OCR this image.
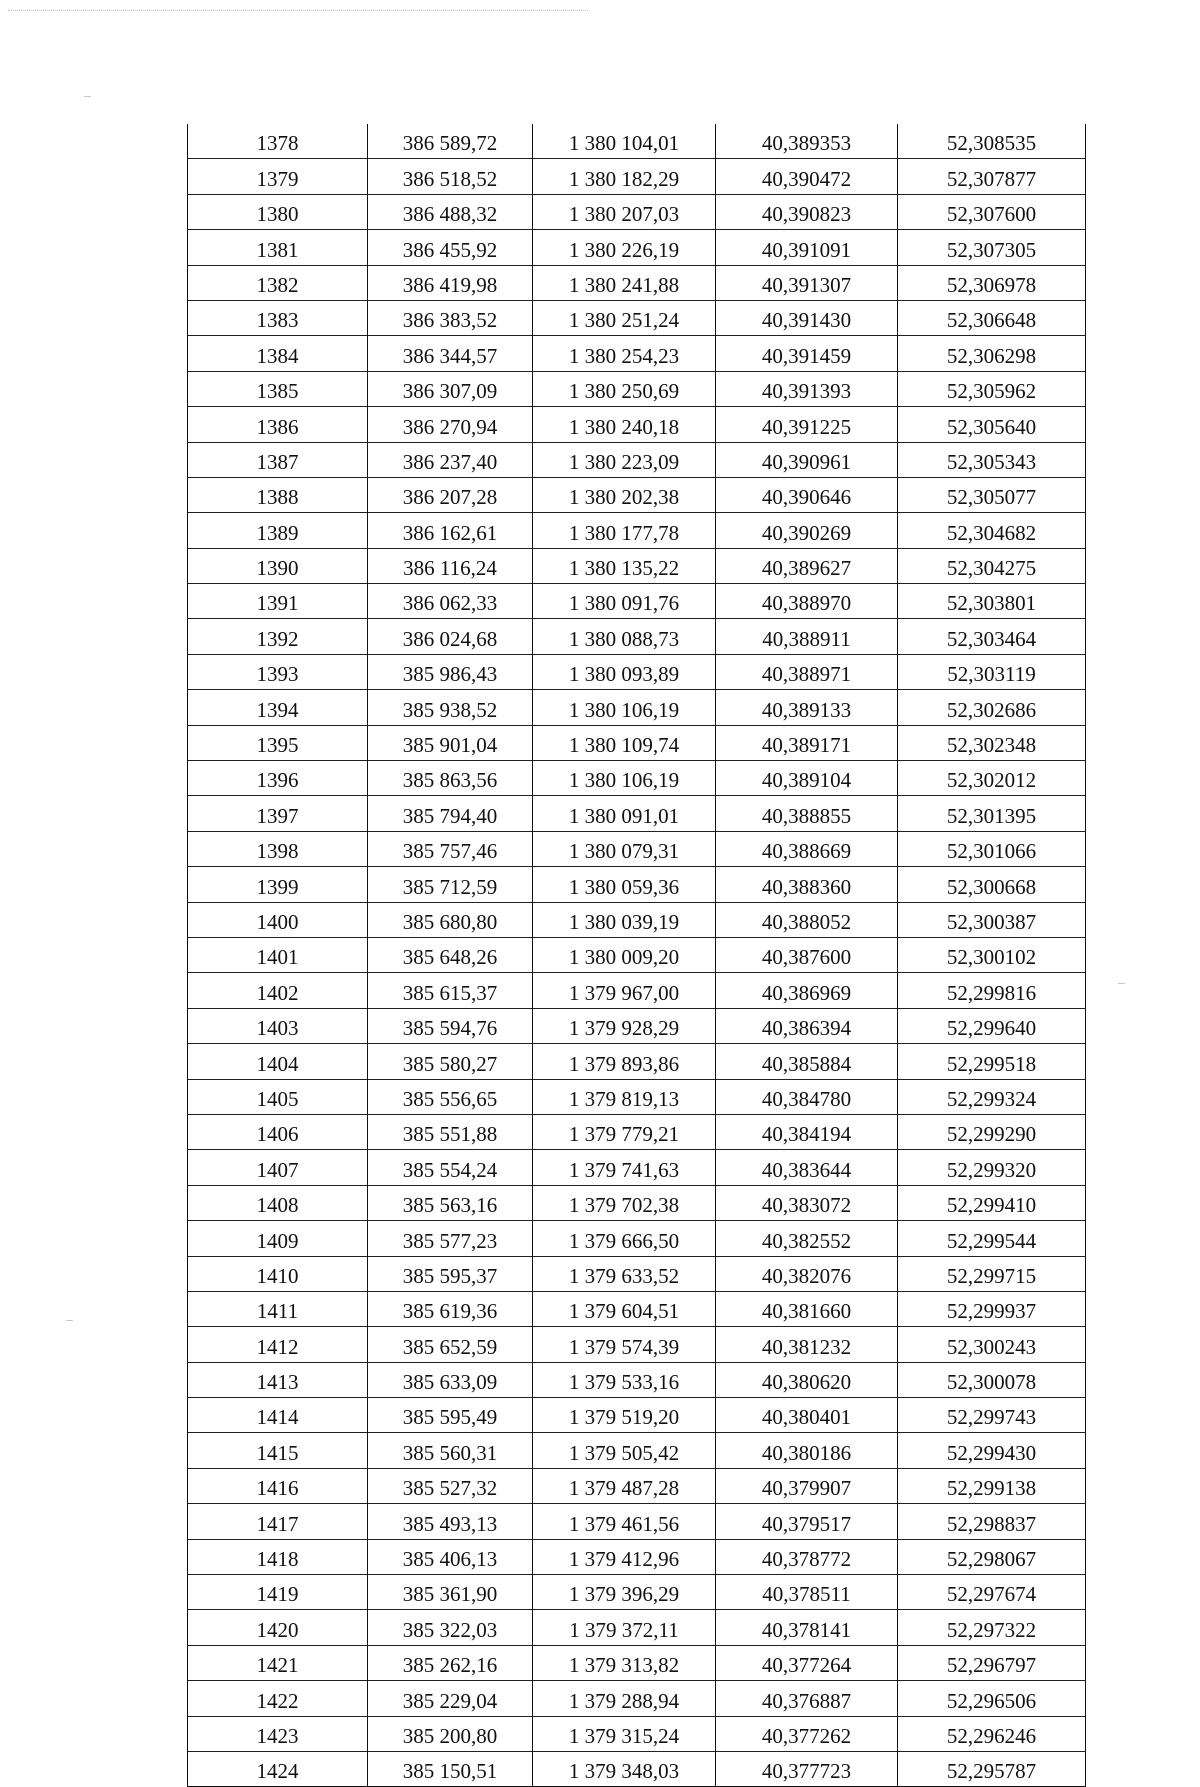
1378	386 589,72	1 380 104,01	40,389353	52,308535
1379	386 518,52	1 380 182,29	40,390472	52,307877
1380	386 488,32	1 380 207,03	40,390823	52,307600
1381	386 455,92	1 380 226,19	40,391091	52,307305
1382	386 419,98	1 380 241,88	40,391307	52,306978
1383	386 383,52	1 380 251,24	40,391430	52,306648
1384	386 344,57	1 380 254,23	40,391459	52,306298
1385	386 307,09	1 380 250,69	40,391393	52,305962
1386	386 270,94	1 380 240,18	40,391225	52,305640
1387	386 237,40	1 380 223,09	40,390961	52,305343
1388	386 207,28	1 380 202,38	40,390646	52,305077
1389	386 162,61	1 380 177,78	40,390269	52,304682
1390	386 116,24	1 380 135,22	40,389627	52,304275
1391	386 062,33	1 380 091,76	40,388970	52,303801
1392	386 024,68	1 380 088,73	40,388911	52,303464
1393	385 986,43	1 380 093,89	40,388971	52,303119
1394	385 938,52	1 380 106,19	40,389133	52,302686
1395	385 901,04	1 380 109,74	40,389171	52,302348
1396	385 863,56	1 380 106,19	40,389104	52,302012
1397	385 794,40	1 380 091,01	40,388855	52,301395
1398	385 757,46	1 380 079,31	40,388669	52,301066
1399	385 712,59	1 380 059,36	40,388360	52,300668
1400	385 680,80	1 380 039,19	40,388052	52,300387
1401	385 648,26	1 380 009,20	40,387600	52,300102
1402	385 615,37	1 379 967,00	40,386969	52,299816
1403	385 594,76	1 379 928,29	40,386394	52,299640
1404	385 580,27	1 379 893,86	40,385884	52,299518
1405	385 556,65	1 379 819,13	40,384780	52,299324
1406	385 551,88	1 379 779,21	40,384194	52,299290
1407	385 554,24	1 379 741,63	40,383644	52,299320
1408	385 563,16	1 379 702,38	40,383072	52,299410
1409	385 577,23	1 379 666,50	40,382552	52,299544
1410	385 595,37	1 379 633,52	40,382076	52,299715
1411	385 619,36	1 379 604,51	40,381660	52,299937
1412	385 652,59	1 379 574,39	40,381232	52,300243
1413	385 633,09	1 379 533,16	40,380620	52,300078
1414	385 595,49	1 379 519,20	40,380401	52,299743
1415	385 560,31	1 379 505,42	40,380186	52,299430
1416	385 527,32	1 379 487,28	40,379907	52,299138
1417	385 493,13	1 379 461,56	40,379517	52,298837
1418	385 406,13	1 379 412,96	40,378772	52,298067
1419	385 361,90	1 379 396,29	40,378511	52,297674
1420	385 322,03	1 379 372,11	40,378141	52,297322
1421	385 262,16	1 379 313,82	40,377264	52,296797
1422	385 229,04	1 379 288,94	40,376887	52,296506
1423	385 200,80	1 379 315,24	40,377262	52,296246
1424	385 150,51	1 379 348,03	40,377723	52,295787
